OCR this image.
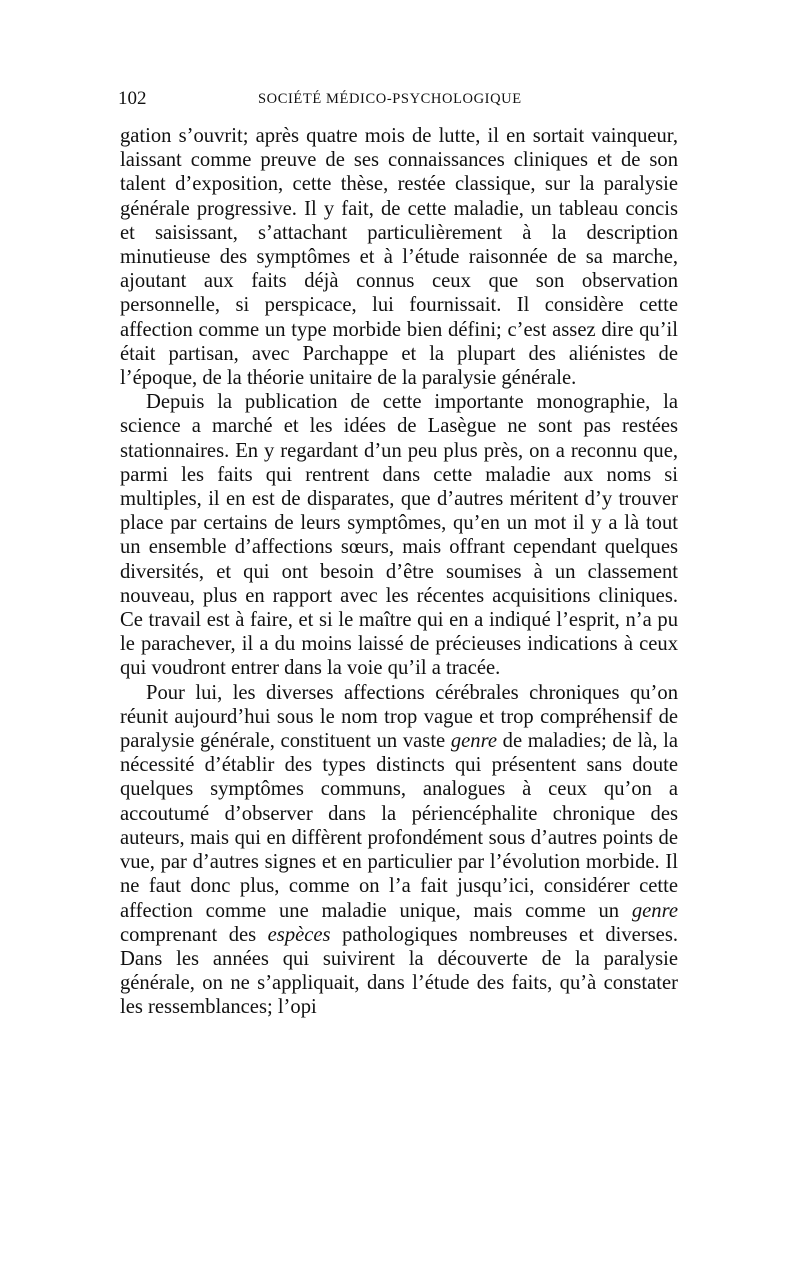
102	SOCIÉTÉ MÉDICO-PSYCHOLOGIQUE

gation s’ouvrit; après quatre mois de lutte, il en sortait vainqueur, laissant comme preuve de ses connaissances cliniques et de son talent d’exposition, cette thèse, restée classique, sur la paralysie générale progressive. Il y fait, de cette maladie, un tableau concis et saisissant, s’attachant particulièrement à la description minutieuse des symptômes et à l’étude raisonnée de sa marche, ajoutant aux faits déjà connus ceux que son observation personnelle, si perspicace, lui fournissait. Il considère cette affection comme un type morbide bien défini; c’est assez dire qu’il était partisan, avec Parchappe et la plupart des aliénistes de l’époque, de la théorie unitaire de la paralysie générale.

Depuis la publication de cette importante monographie, la science a marché et les idées de Lasègue ne sont pas restées stationnaires. En y regardant d’un peu plus près, on a reconnu que, parmi les faits qui rentrent dans cette maladie aux noms si multiples, il en est de disparates, que d’autres méritent d’y trouver place par certains de leurs symptômes, qu’en un mot il y a là tout un ensemble d’affections sœurs, mais offrant cependant quelques diversités, et qui ont besoin d’être soumises à un classement nouveau, plus en rapport avec les récentes acquisitions cliniques. Ce travail est à faire, et si le maître qui en a indiqué l’esprit, n’a pu le parachever, il a du moins laissé de précieuses indications à ceux qui voudront entrer dans la voie qu’il a tracée.

Pour lui, les diverses affections cérébrales chroniques qu’on réunit aujourd’hui sous le nom trop vague et trop compréhensif de paralysie générale, constituent un vaste genre de maladies; de là, la nécessité d’établir des types distincts qui présentent sans doute quelques symptômes communs, analogues à ceux qu’on a accoutumé d’observer dans la périencéphalite chronique des auteurs, mais qui en diffèrent profondément sous d’autres points de vue, par d’autres signes et en particulier par l’évolution morbide. Il ne faut donc plus, comme on l’a fait jusqu’ici, considérer cette affection comme une maladie unique, mais comme un genre comprenant des espèces pathologiques nombreuses et diverses. Dans les années qui suivirent la découverte de la paralysie générale, on ne s’appliquait, dans l’étude des faits, qu’à constater les ressemblances; l’opi
